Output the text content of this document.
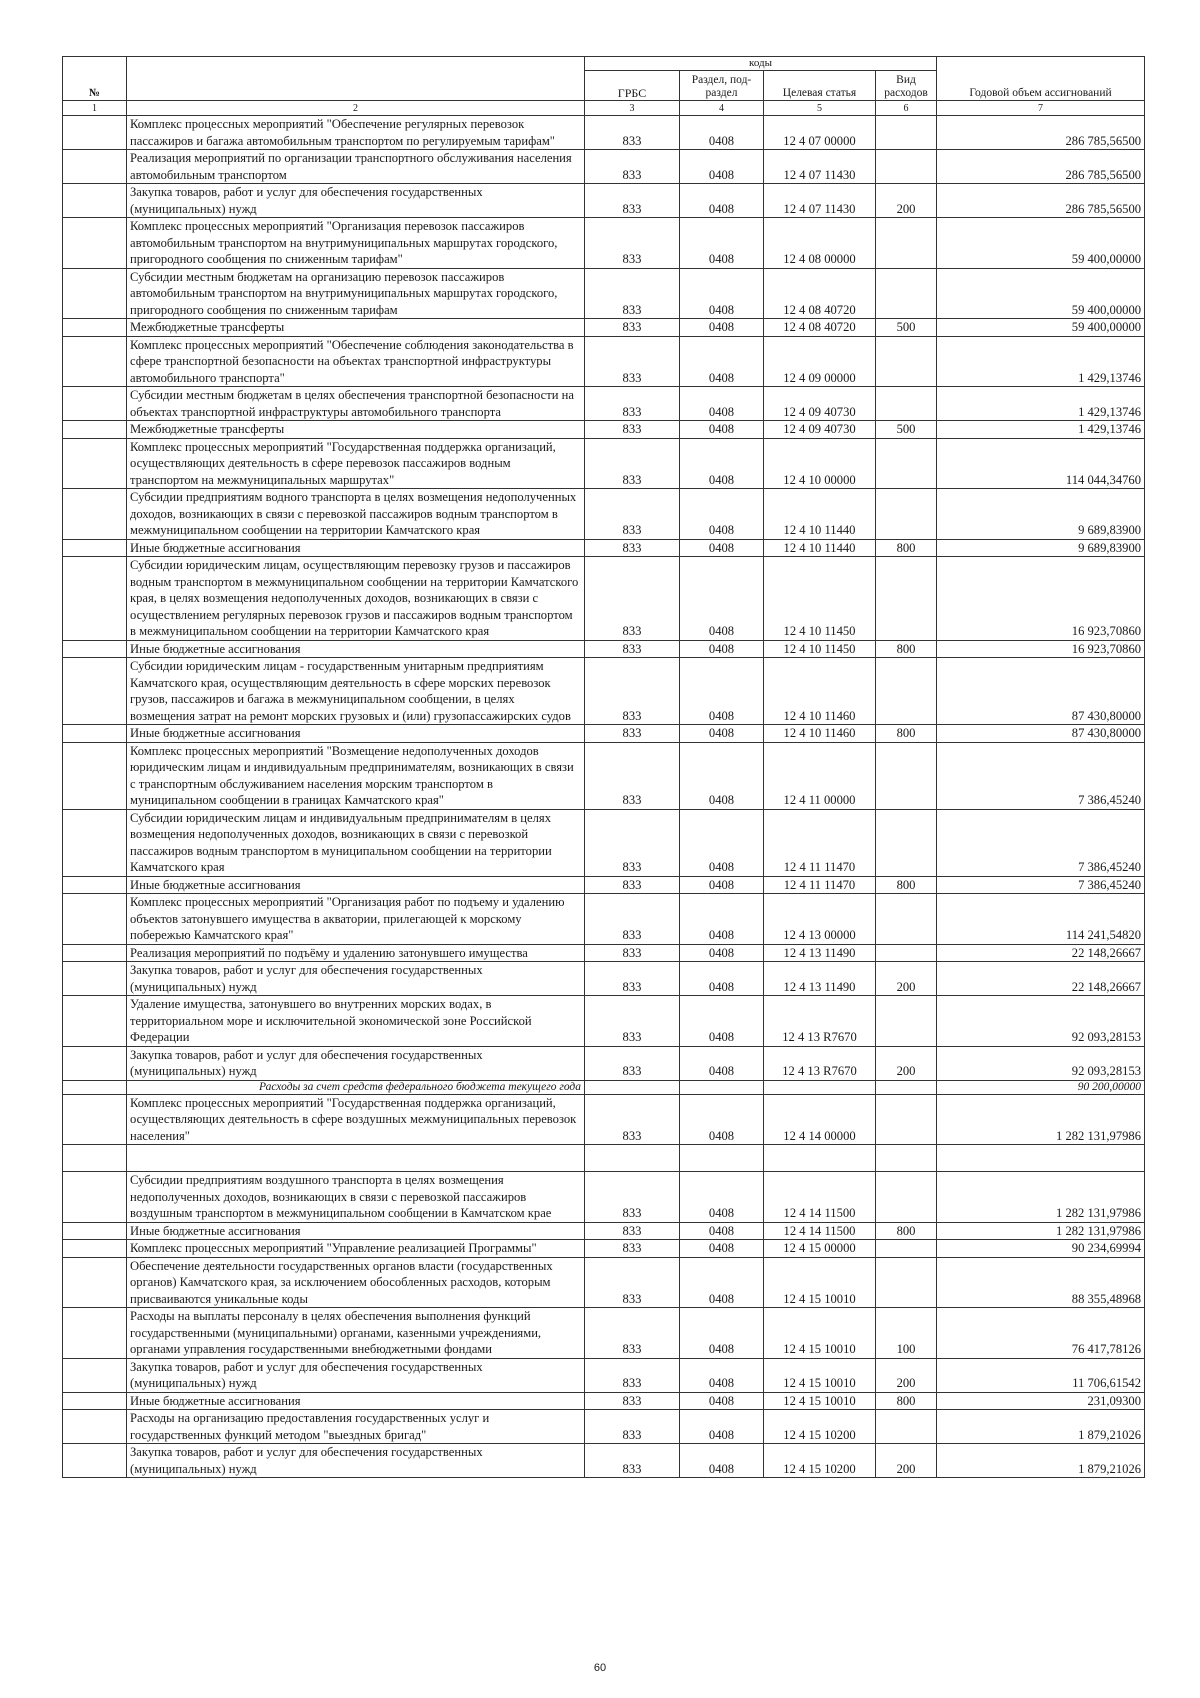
№		коды				Годовой объем ассигнований
		ГРБС	Раздел, под-раздел	Целевая статья	Вид расходов	
1	2	3	4	5	6	7
	Комплекс процессных мероприятий "Обеспечение регулярных перевозок пассажиров и багажа автомобильным транспортом по регулируемым тарифам"	833	0408	12 4 07 00000		286 785,56500
	Реализация мероприятий по организации транспортного обслуживания населения автомобильным транспортом	833	0408	12 4 07 11430		286 785,56500
	Закупка товаров, работ и услуг для обеспечения государственных (муниципальных) нужд	833	0408	12 4 07 11430	200	286 785,56500
	Комплекс процессных мероприятий "Организация перевозок пассажиров автомобильным транспортом на внутримуниципальных маршрутах городского, пригородного сообщения по сниженным тарифам"	833	0408	12 4 08 00000		59 400,00000
	Субсидии местным бюджетам на организацию перевозок пассажиров автомобильным транспортом на внутримуниципальных маршрутах городского, пригородного сообщения по сниженным тарифам	833	0408	12 4 08 40720		59 400,00000
	Межбюджетные трансферты	833	0408	12 4 08 40720	500	59 400,00000
	Комплекс процессных мероприятий "Обеспечение соблюдения законодательства в сфере транспортной безопасности на объектах транспортной инфраструктуры автомобильного транспорта"	833	0408	12 4 09 00000		1 429,13746
	Субсидии местным бюджетам в целях обеспечения транспортной безопасности на объектах транспортной инфраструктуры автомобильного транспорта	833	0408	12 4 09 40730		1 429,13746
	Межбюджетные трансферты	833	0408	12 4 09 40730	500	1 429,13746
	Комплекс процессных мероприятий "Государственная поддержка организаций, осуществляющих деятельность в сфере перевозок пассажиров водным транспортом на межмуниципальных маршрутах"	833	0408	12 4 10 00000		114 044,34760
	Субсидии предприятиям водного транспорта в целях возмещения недополученных доходов, возникающих в связи с перевозкой пассажиров водным транспортом в межмуниципальном сообщении на территории Камчатского края	833	0408	12 4 10 11440		9 689,83900
	Иные бюджетные ассигнования	833	0408	12 4 10 11440	800	9 689,83900
	Субсидии юридическим лицам, осуществляющим перевозку грузов и пассажиров водным транспортом в межмуниципальном сообщении на территории Камчатского края, в целях возмещения недополученных доходов, возникающих в связи с осуществлением регулярных перевозок грузов и пассажиров водным транспортом в межмуниципальном сообщении на территории Камчатского края	833	0408	12 4 10 11450		16 923,70860
	Иные бюджетные ассигнования	833	0408	12 4 10 11450	800	16 923,70860
	Субсидии юридическим лицам - государственным унитарным предприятиям Камчатского края, осуществляющим деятельность в сфере морских перевозок грузов, пассажиров и багажа в межмуниципальном сообщении, в целях возмещения затрат на ремонт морских грузовых и (или) грузопассажирских судов	833	0408	12 4 10 11460		87 430,80000
	Иные бюджетные ассигнования	833	0408	12 4 10 11460	800	87 430,80000
	Комплекс процессных мероприятий "Возмещение недополученных доходов юридическим лицам и индивидуальным предпринимателям, возникающих в связи с транспортным обслуживанием населения морским транспортом в муниципальном сообщении в границах Камчатского края"	833	0408	12 4 11 00000		7 386,45240
	Субсидии юридическим лицам и индивидуальным предпринимателям в целях возмещения недополученных доходов, возникающих в связи с перевозкой пассажиров водным транспортом в муниципальном сообщении на территории Камчатского края	833	0408	12 4 11 11470		7 386,45240
	Иные бюджетные ассигнования	833	0408	12 4 11 11470	800	7 386,45240
	Комплекс процессных мероприятий "Организация работ по подъему и удалению объектов затонувшего имущества в акватории, прилегающей к морскому побережью Камчатского края"	833	0408	12 4 13 00000		114 241,54820
	Реализация мероприятий по подъёму и удалению затонувшего имущества	833	0408	12 4 13 11490		22 148,26667
	Закупка товаров, работ и услуг для обеспечения государственных (муниципальных) нужд	833	0408	12 4 13 11490	200	22 148,26667
	Удаление имущества, затонувшего во внутренних морских водах, в территориальном море и исключительной экономической зоне Российской Федерации	833	0408	12 4 13 R7670		92 093,28153
	Закупка товаров, работ и услуг для обеспечения государственных (муниципальных) нужд	833	0408	12 4 13 R7670	200	92 093,28153
	Расходы за счет средств федерального бюджета текущего года					90 200,00000
	Комплекс процессных мероприятий "Государственная поддержка организаций, осуществляющих деятельность в сфере воздушных межмуниципальных перевозок населения"	833	0408	12 4 14 00000		1 282 131,97986

	Субсидии предприятиям воздушного транспорта в целях возмещения недополученных доходов, возникающих в связи с перевозкой пассажиров воздушным транспортом в межмуниципальном сообщении в Камчатском крае	833	0408	12 4 14 11500		1 282 131,97986
	Иные бюджетные ассигнования	833	0408	12 4 14 11500	800	1 282 131,97986
	Комплекс процессных мероприятий "Управление реализацией Программы"	833	0408	12 4 15 00000		90 234,69994
	Обеспечение деятельности государственных органов власти (государственных органов) Камчатского края, за исключением обособленных расходов, которым присваиваются уникальные коды	833	0408	12 4 15 10010		88 355,48968
	Расходы на выплаты персоналу в целях обеспечения выполнения функций государственными (муниципальными) органами, казенными учреждениями, органами управления государственными внебюджетными фондами	833	0408	12 4 15 10010	100	76 417,78126
	Закупка товаров, работ и услуг для обеспечения государственных (муниципальных) нужд	833	0408	12 4 15 10010	200	11 706,61542
	Иные бюджетные ассигнования	833	0408	12 4 15 10010	800	231,09300
	Расходы на организацию предоставления государственных услуг и государственных функций методом "выездных бригад"	833	0408	12 4 15 10200		1 879,21026
	Закупка товаров, работ и услуг для обеспечения государственных (муниципальных) нужд	833	0408	12 4 15 10200	200	1 879,21026
60
